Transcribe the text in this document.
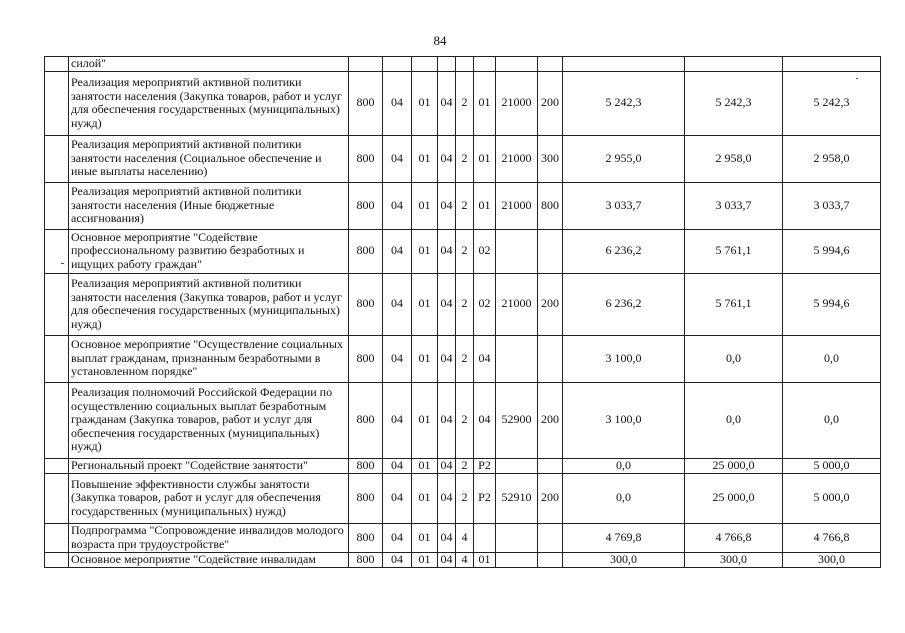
84
	силой"											
	Реализация мероприятий активной политики занятости населения (Закупка товаров, работ и услуг для обеспечения государственных (муниципальных) нужд)	800	04	01	04	2	01	21000	200	5 242,3	5 242,3	5 242,3
	Реализация мероприятий активной политики занятости населения (Социальное обеспечение и иные выплаты населению)	800	04	01	04	2	01	21000	300	2 955,0	2 958,0	2 958,0
	Реализация мероприятий активной политики занятости населения (Иные бюджетные ассигнования)	800	04	01	04	2	01	21000	800	3 033,7	3 033,7	3 033,7
	Основное мероприятие "Содействие профессиональному развитию безработных и ищущих работу граждан"	800	04	01	04	2	02			6 236,2	5 761,1	5 994,6
	Реализация мероприятий активной политики занятости населения (Закупка товаров, работ и услуг для обеспечения государственных (муниципальных) нужд)	800	04	01	04	2	02	21000	200	6 236,2	5 761,1	5 994,6
	Основное мероприятие "Осуществление социальных выплат гражданам, признанным безработными в установленном порядке"	800	04	01	04	2	04			3 100,0	0,0	0,0
	Реализация полномочий Российской Федерации по осуществлению социальных выплат безработным гражданам (Закупка товаров, работ и услуг для обеспечения государственных (муниципальных) нужд)	800	04	01	04	2	04	52900	200	3 100,0	0,0	0,0
	Региональный проект "Содействие занятости"	800	04	01	04	2	P2			0,0	25 000,0	5 000,0
	Повышение эффективности службы занятости (Закупка товаров, работ и услуг для обеспечения государственных (муниципальных) нужд)	800	04	01	04	2	P2	52910	200	0,0	25 000,0	5 000,0
	Подпрограмма "Сопровождение инвалидов молодого возраста при трудоустройстве"	800	04	01	04	4				4 769,8	4 766,8	4 766,8
	Основное мероприятие "Содействие инвалидам	800	04	01	04	4	01			300,0	300,0	300,0
